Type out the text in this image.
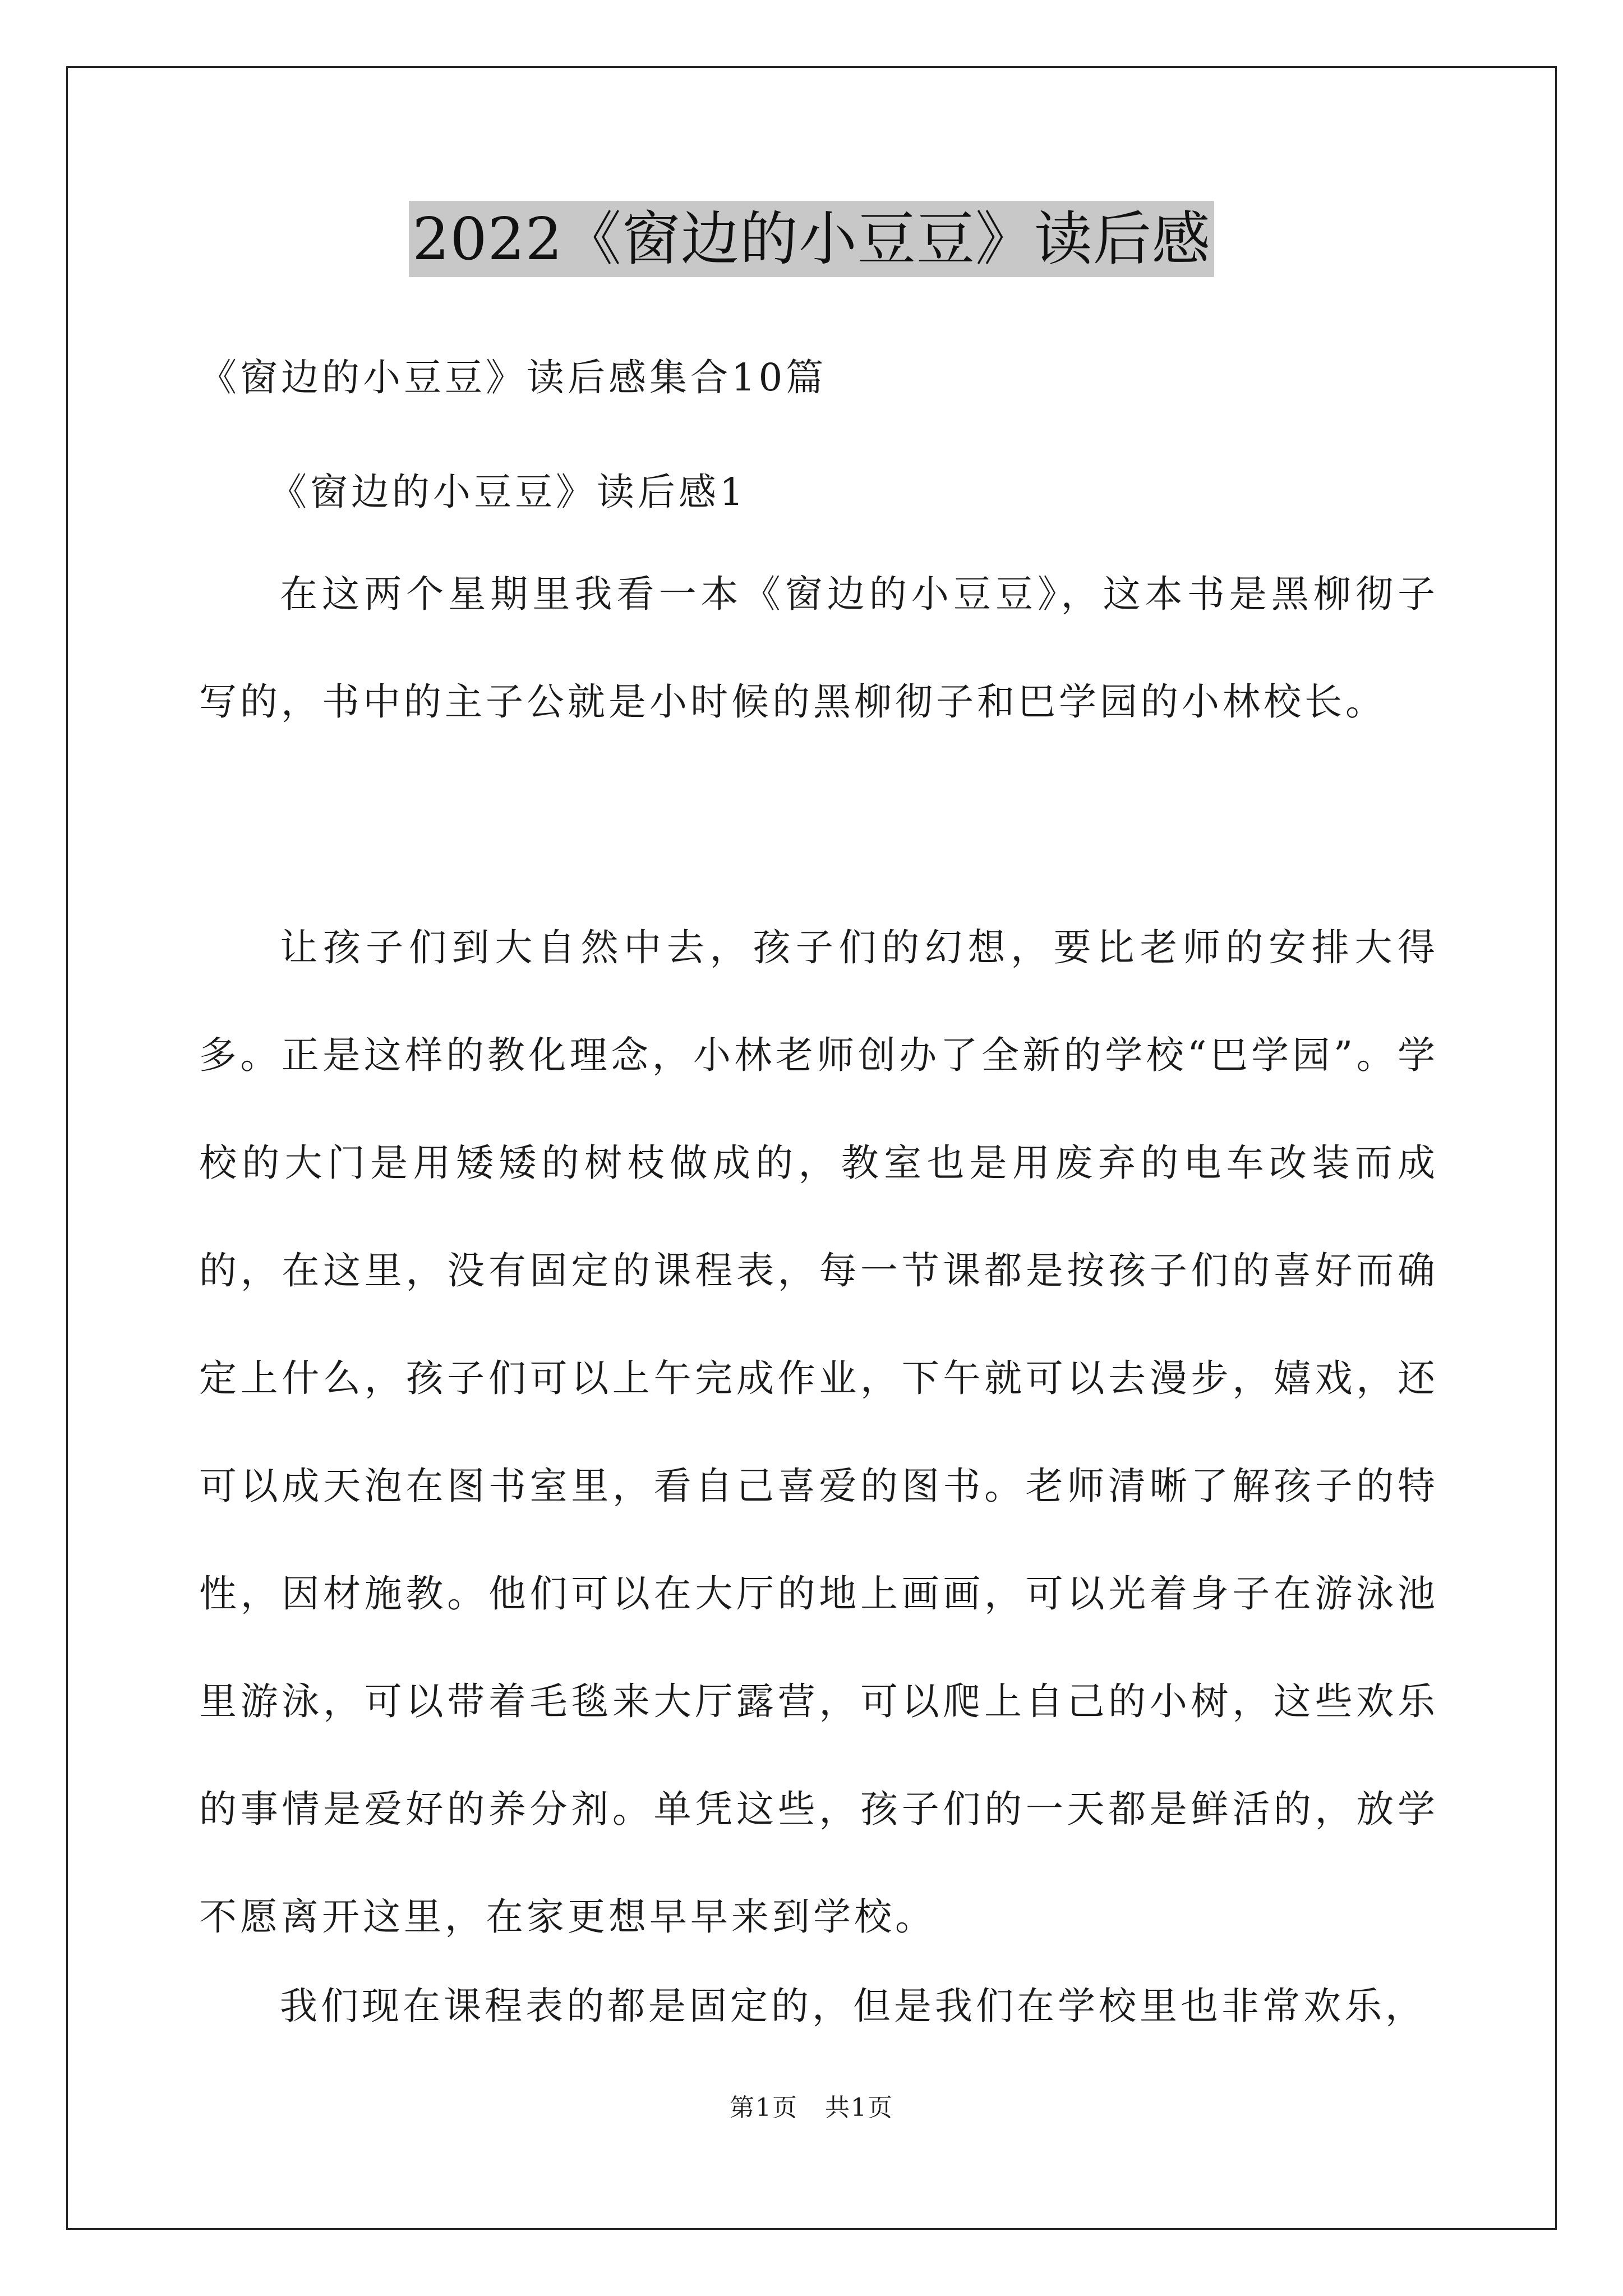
2022《窗边的小豆豆》读后感
《窗边的小豆豆》读后感集合10篇
《窗边的小豆豆》读后感1

在这两个星期里我看一本《窗边的小豆豆》，这本书是黑柳彻子写的，书中的主子公就是小时候的黑柳彻子和巴学园的小林校长。

让孩子们到大自然中去，孩子们的幻想，要比老师的安排大得多。正是这样的教化理念，小林老师创办了全新的学校“巴学园”。学校的大门是用矮矮的树枝做成的，教室也是用废弃的电车改装而成的，在这里，没有固定的课程表，每一节课都是按孩子们的喜好而确定上什么，孩子们可以上午完成作业，下午就可以去漫步，嬉戏，还可以成天泡在图书室里，看自己喜爱的图书。老师清晰了解孩子的特性，因材施教。他们可以在大厅的地上画画，可以光着身子在游泳池里游泳，可以带着毛毯来大厅露营，可以爬上自己的小树，这些欢乐的事情是爱好的养分剂。单凭这些，孩子们的一天都是鲜活的，放学不愿离开这里，在家更想早早来到学校。

我们现在课程表的都是固定的，但是我们在学校里也非常欢乐，

第1页 共1页
